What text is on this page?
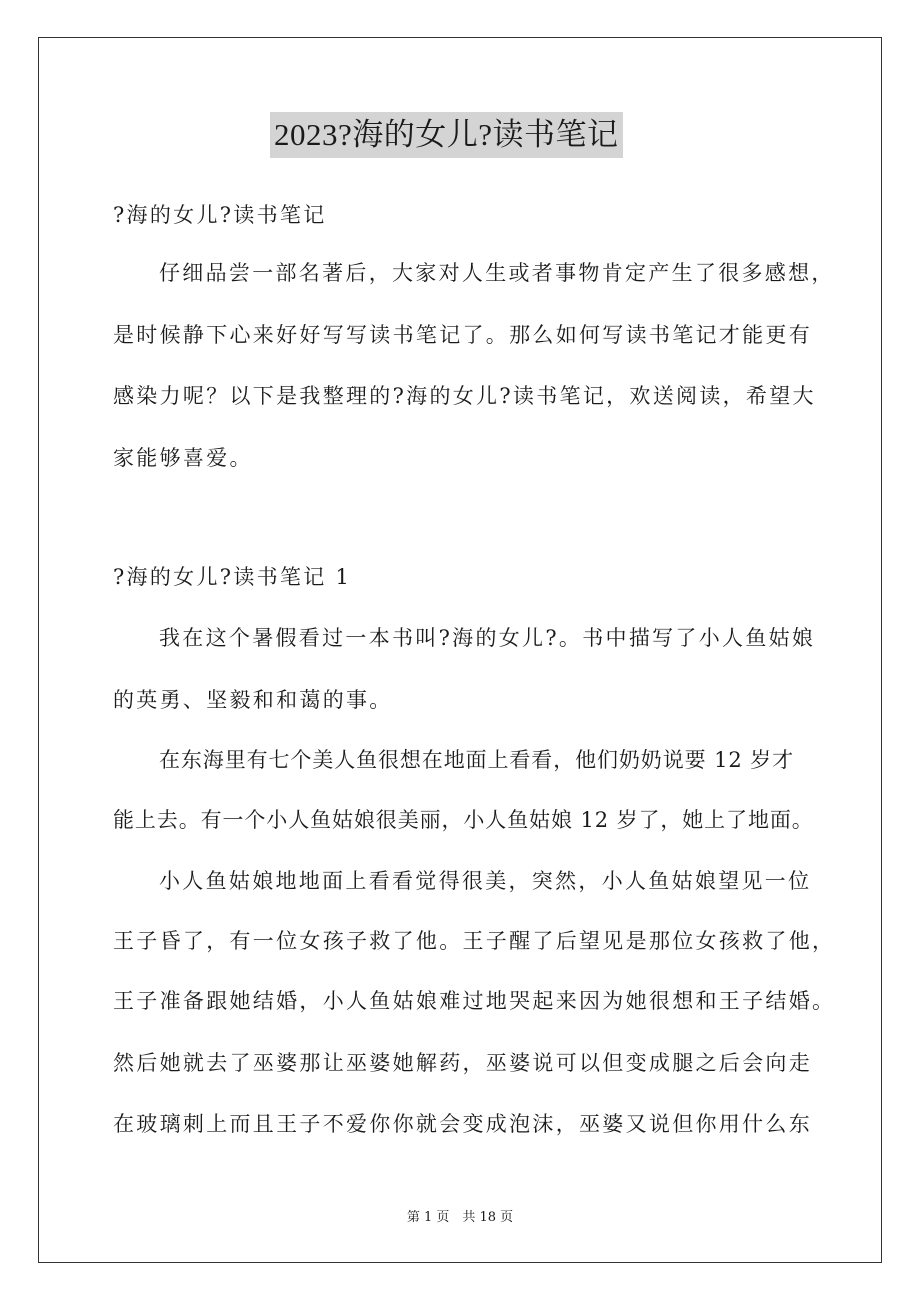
2023?海的女儿?读书笔记
?海的女儿?读书笔记
仔细品尝一部名著后，大家对人生或者事物肯定产生了很多感想，
是时候静下心来好好写写读书笔记了。那么如何写读书笔记才能更有
感染力呢？以下是我整理的?海的女儿?读书笔记，欢送阅读，希望大
家能够喜爱。
?海的女儿?读书笔记 1
我在这个暑假看过一本书叫?海的女儿?。书中描写了小人鱼姑娘
的英勇、坚毅和和蔼的事。
在东海里有七个美人鱼很想在地面上看看，他们奶奶说要 12 岁才
能上去。有一个小人鱼姑娘很美丽，小人鱼姑娘 12 岁了，她上了地面。
小人鱼姑娘地地面上看看觉得很美，突然，小人鱼姑娘望见一位
王子昏了，有一位女孩子救了他。王子醒了后望见是那位女孩救了他，
王子准备跟她结婚，小人鱼姑娘难过地哭起来因为她很想和王子结婚。
然后她就去了巫婆那让巫婆她解药，巫婆说可以但变成腿之后会向走
在玻璃刺上而且王子不爱你你就会变成泡沫，巫婆又说但你用什么东
第 1 页　共 18 页
